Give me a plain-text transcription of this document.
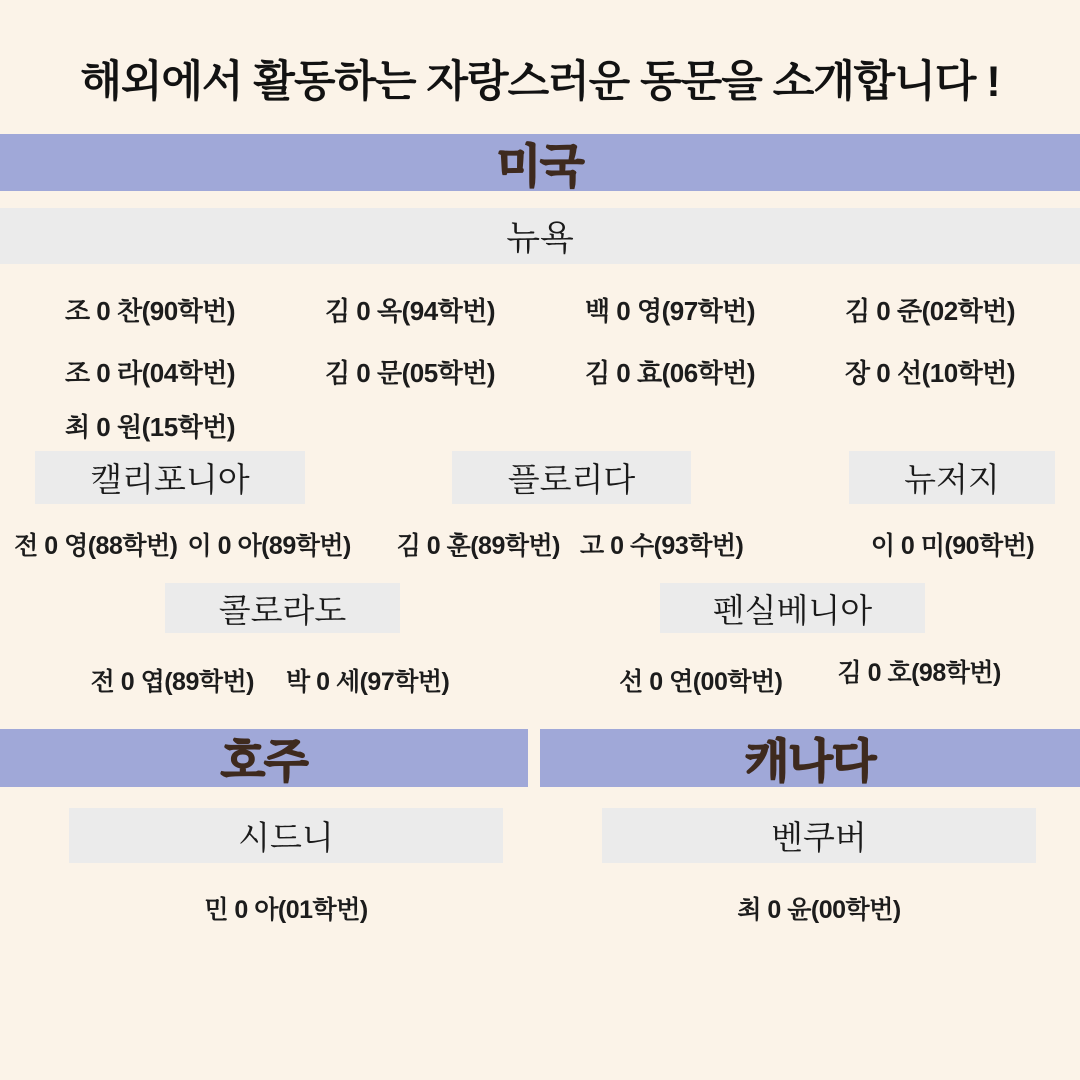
해외에서 활동하는 자랑스러운 동문을 소개합니다 !
미국
뉴욕
조 0 찬(90학번)	김 0 옥(94학번)	백 0 영(97학번)	김 0 준(02학번)
조 0 라(04학번)	김 0 문(05학번)	김 0 효(06학번)	장 0 선(10학번)
최 0 원(15학번)
캘리포니아	플로리다	뉴저지
전 0 영(88학번) 이 0 아(89학번) 김 0 훈(89학번) 고 0 수(93학번)	이 0 미(90학번)
콜로라도	펜실베니아
전 0 엽(89학번) 박 0 세(97학번)	선 0 연(00학번) 김 0 호(98학번)
호주
시드니
민 0 아(01학번)
캐나다
벤쿠버
최 0 윤(00학번)
